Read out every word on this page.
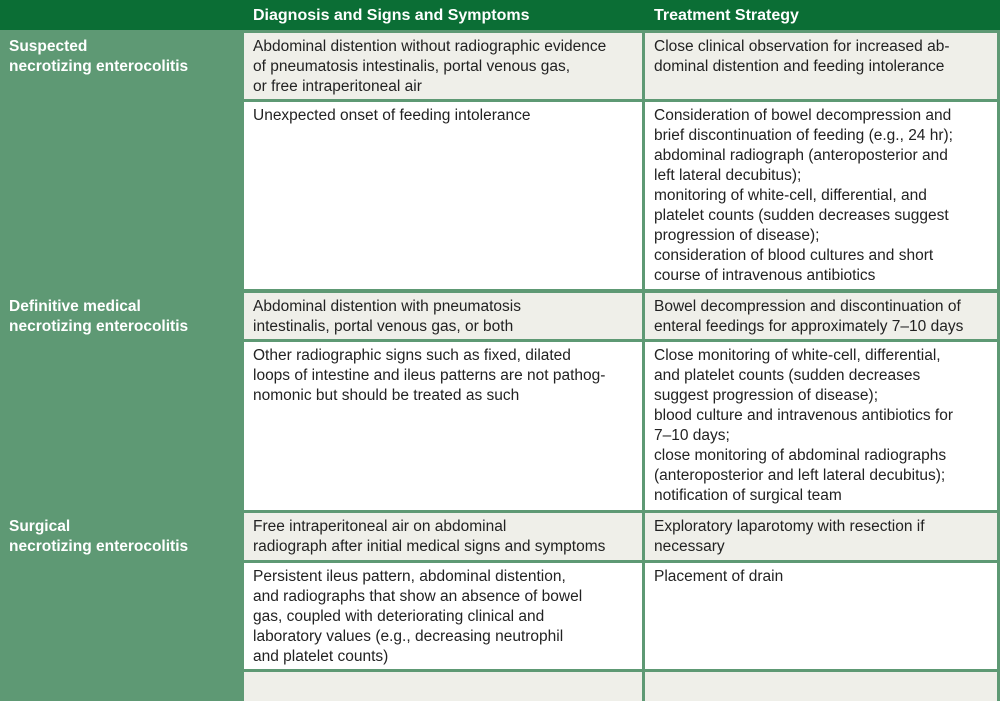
Diagnosis and Signs and Symptoms	Treatment Strategy
Suspected
necrotizing enterocolitis
Abdominal distention without radiographic evidence
of pneumatosis intestinalis, portal venous gas,
or free intraperitoneal air
Close clinical observation for increased ab-
dominal distention and feeding intolerance
Unexpected onset of feeding intolerance	Consideration of bowel decompression and
brief discontinuation of feeding (e.g., 24 hr);
abdominal radiograph (anteroposterior and
left lateral decubitus);
monitoring of white-cell, differential, and
platelet counts (sudden decreases suggest
progression of disease);
consideration of blood cultures and short
course of intravenous antibiotics
Definitive medical
necrotizing enterocolitis
Abdominal distention with pneumatosis
intestinalis, portal venous gas, or both
Bowel decompression and discontinuation of
enteral feedings for approximately 7–10 days
Other radiographic signs such as fixed, dilated
loops of intestine and ileus patterns are not pathog-
nomonic but should be treated as such
Close monitoring of white-cell, differential,
and platelet counts (sudden decreases
suggest progression of disease);
blood culture and intravenous antibiotics for
7–10 days;
close monitoring of abdominal radiographs
(anteroposterior and left lateral decubitus);
notification of surgical team
Surgical
necrotizing enterocolitis
Free intraperitoneal air on abdominal
radiograph after initial medical signs and symptoms
Exploratory laparotomy with resection if
necessary
Persistent ileus pattern, abdominal distention,
and radiographs that show an absence of bowel
gas, coupled with deteriorating clinical and
laboratory values (e.g., decreasing neutrophil
and platelet counts)
Placement of drain
